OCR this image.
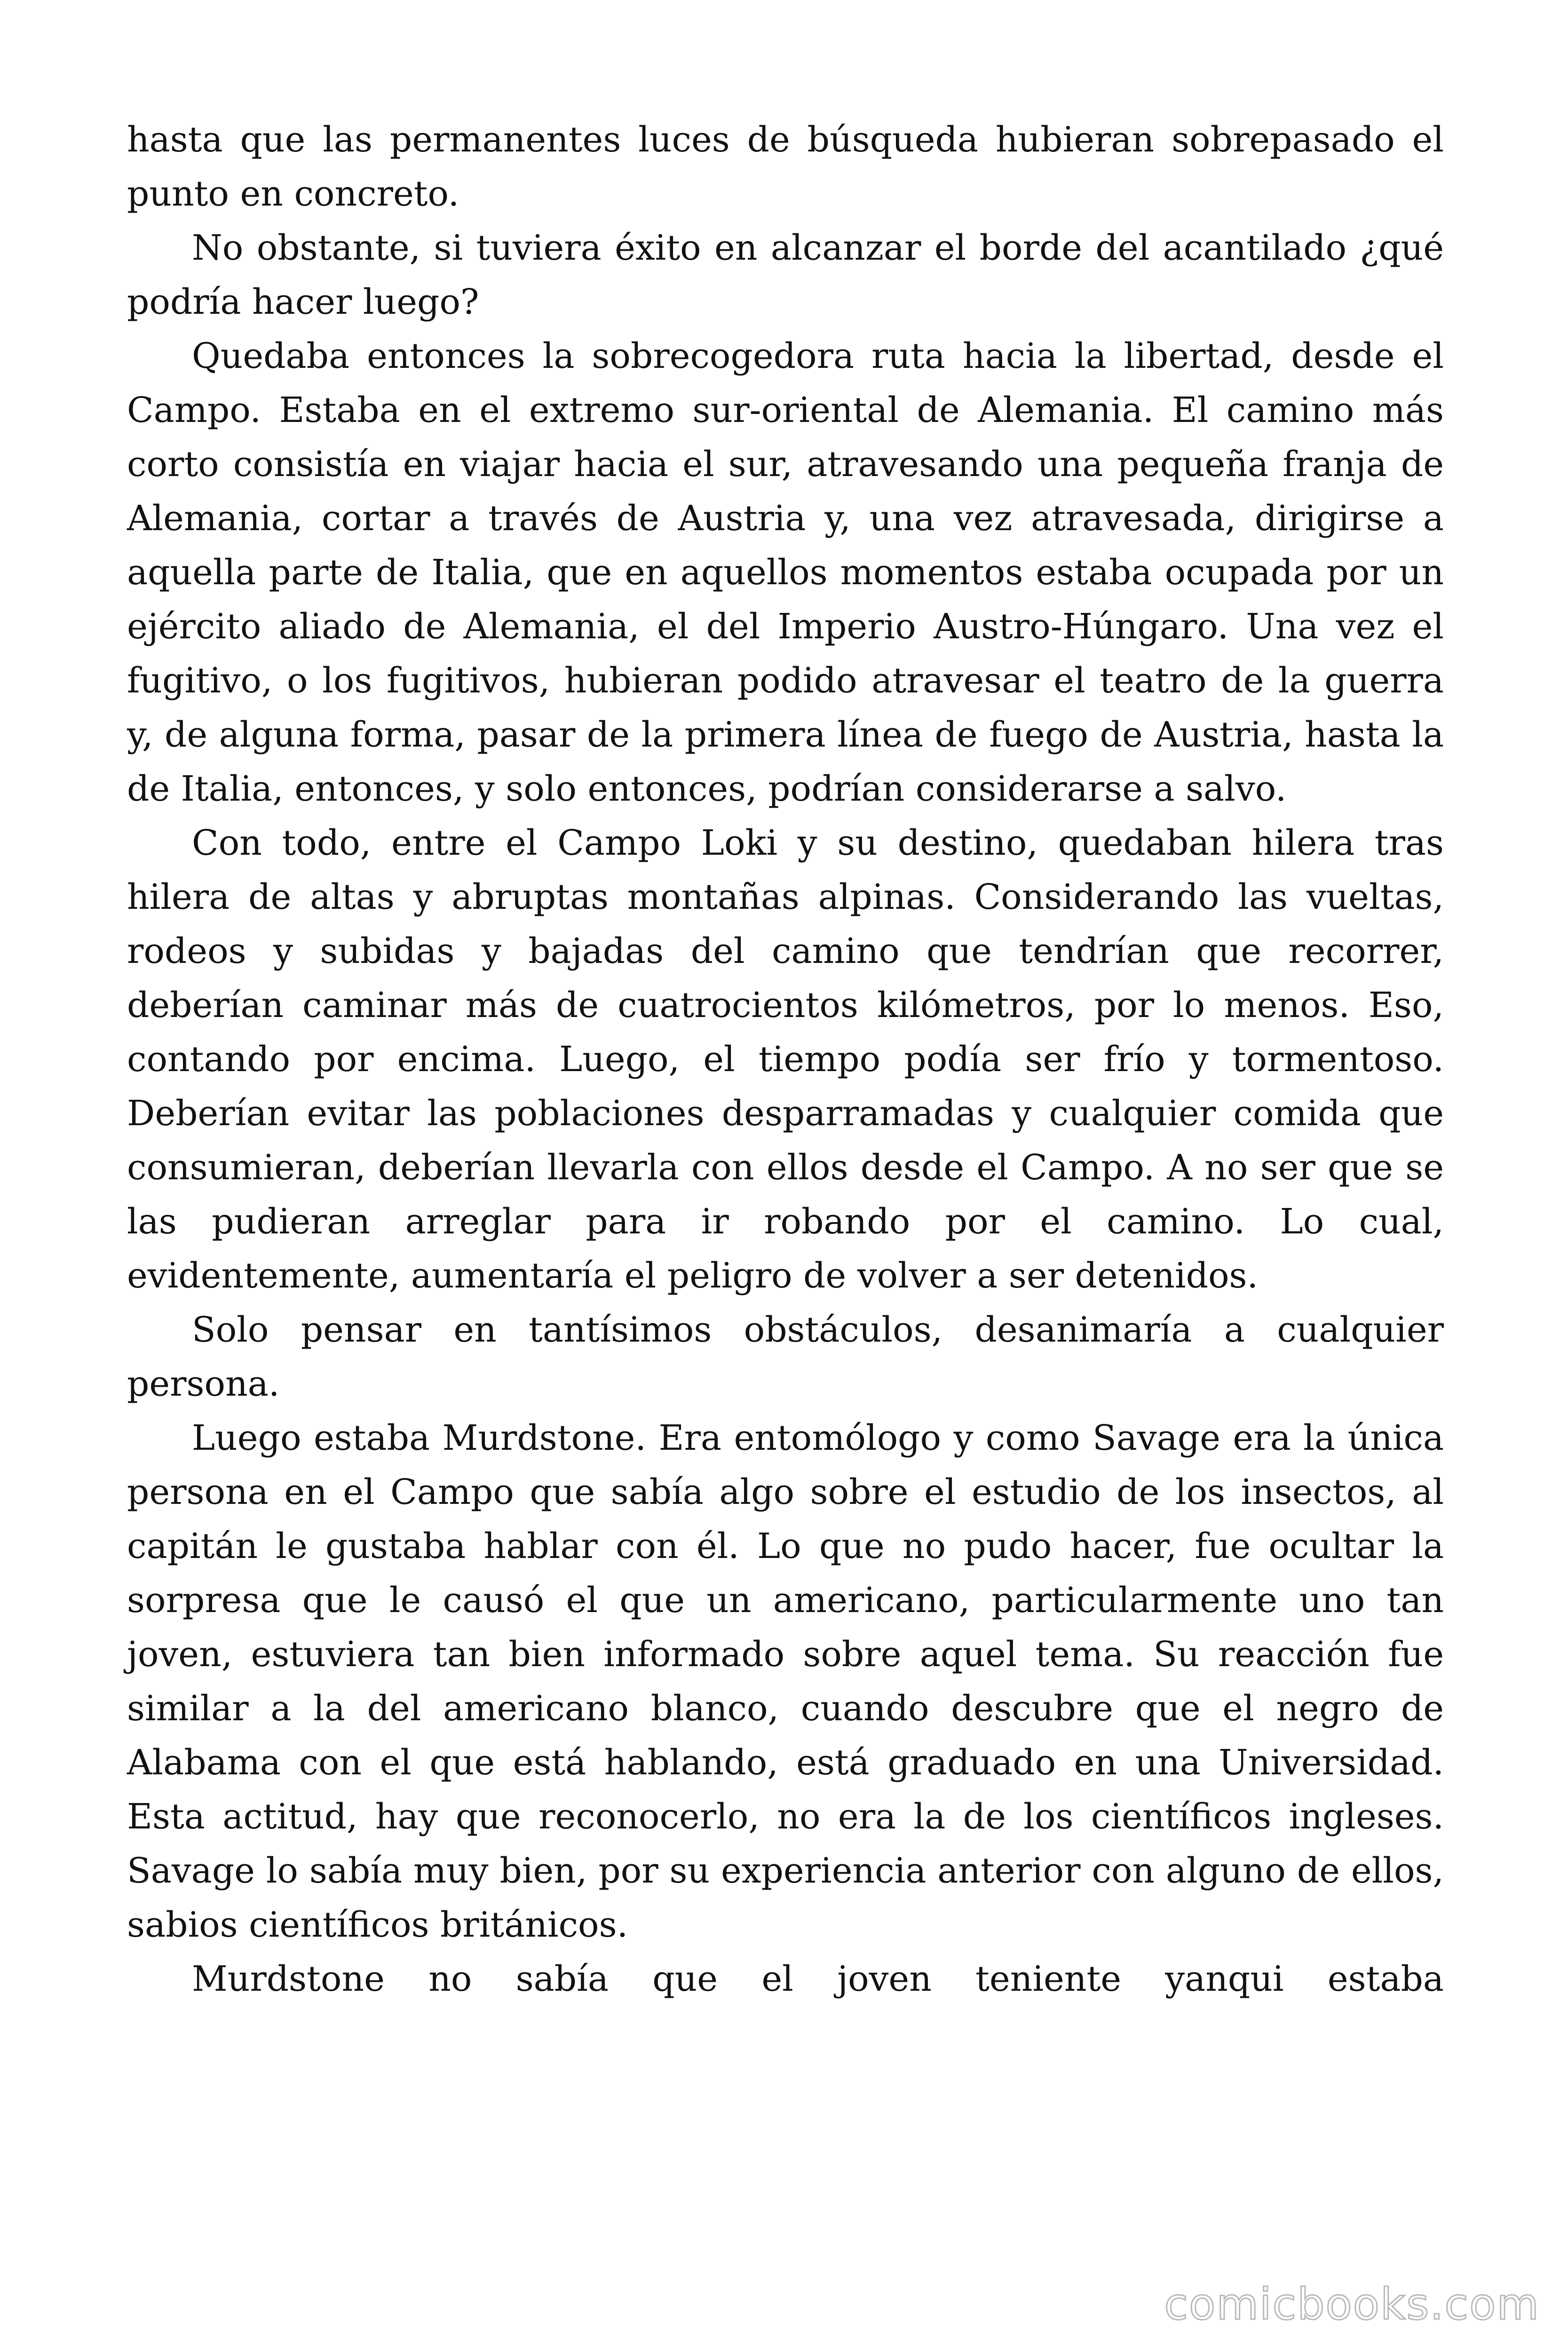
hasta que las permanentes luces de búsqueda hubieran sobrepasado el punto en concreto.

No obstante, si tuviera éxito en alcanzar el borde del acantilado ¿qué podría hacer luego?

Quedaba entonces la sobrecogedora ruta hacia la libertad, desde el Campo. Estaba en el extremo sur-oriental de Alemania. El camino más corto consistía en viajar hacia el sur, atravesando una pequeña franja de Alemania, cortar a través de Austria y, una vez atravesada, dirigirse a aquella parte de Italia, que en aquellos momentos estaba ocupada por un ejército aliado de Alemania, el del Imperio Austro-Húngaro. Una vez el fugitivo, o los fugitivos, hubieran podido atravesar el teatro de la guerra y, de alguna forma, pasar de la primera línea de fuego de Austria, hasta la de Italia, entonces, y solo entonces, podrían considerarse a salvo.

Con todo, entre el Campo Loki y su destino, quedaban hilera tras hilera de altas y abruptas montañas alpinas. Considerando las vueltas, rodeos y subidas y bajadas del camino que tendrían que recorrer, deberían caminar más de cuatrocientos kilómetros, por lo menos. Eso, contando por encima. Luego, el tiempo podía ser frío y tormentoso. Deberían evitar las poblaciones desparramadas y cualquier comida que consumieran, deberían llevarla con ellos desde el Campo. A no ser que se las pudieran arreglar para ir robando por el camino. Lo cual, evidentemente, aumentaría el peligro de volver a ser detenidos.

Solo pensar en tantísimos obstáculos, desanimaría a cualquier persona.

Luego estaba Murdstone. Era entomólogo y como Savage era la única persona en el Campo que sabía algo sobre el estudio de los insectos, al capitán le gustaba hablar con él. Lo que no pudo hacer, fue ocultar la sorpresa que le causó el que un americano, particularmente uno tan joven, estuviera tan bien informado sobre aquel tema. Su reacción fue similar a la del americano blanco, cuando descubre que el negro de Alabama con el que está hablando, está graduado en una Universidad. Esta actitud, hay que reconocerlo, no era la de los científicos ingleses. Savage lo sabía muy bien, por su experiencia anterior con alguno de ellos, sabios científicos británicos.

Murdstone no sabía que el joven teniente yanqui estaba

comicbooks.com
